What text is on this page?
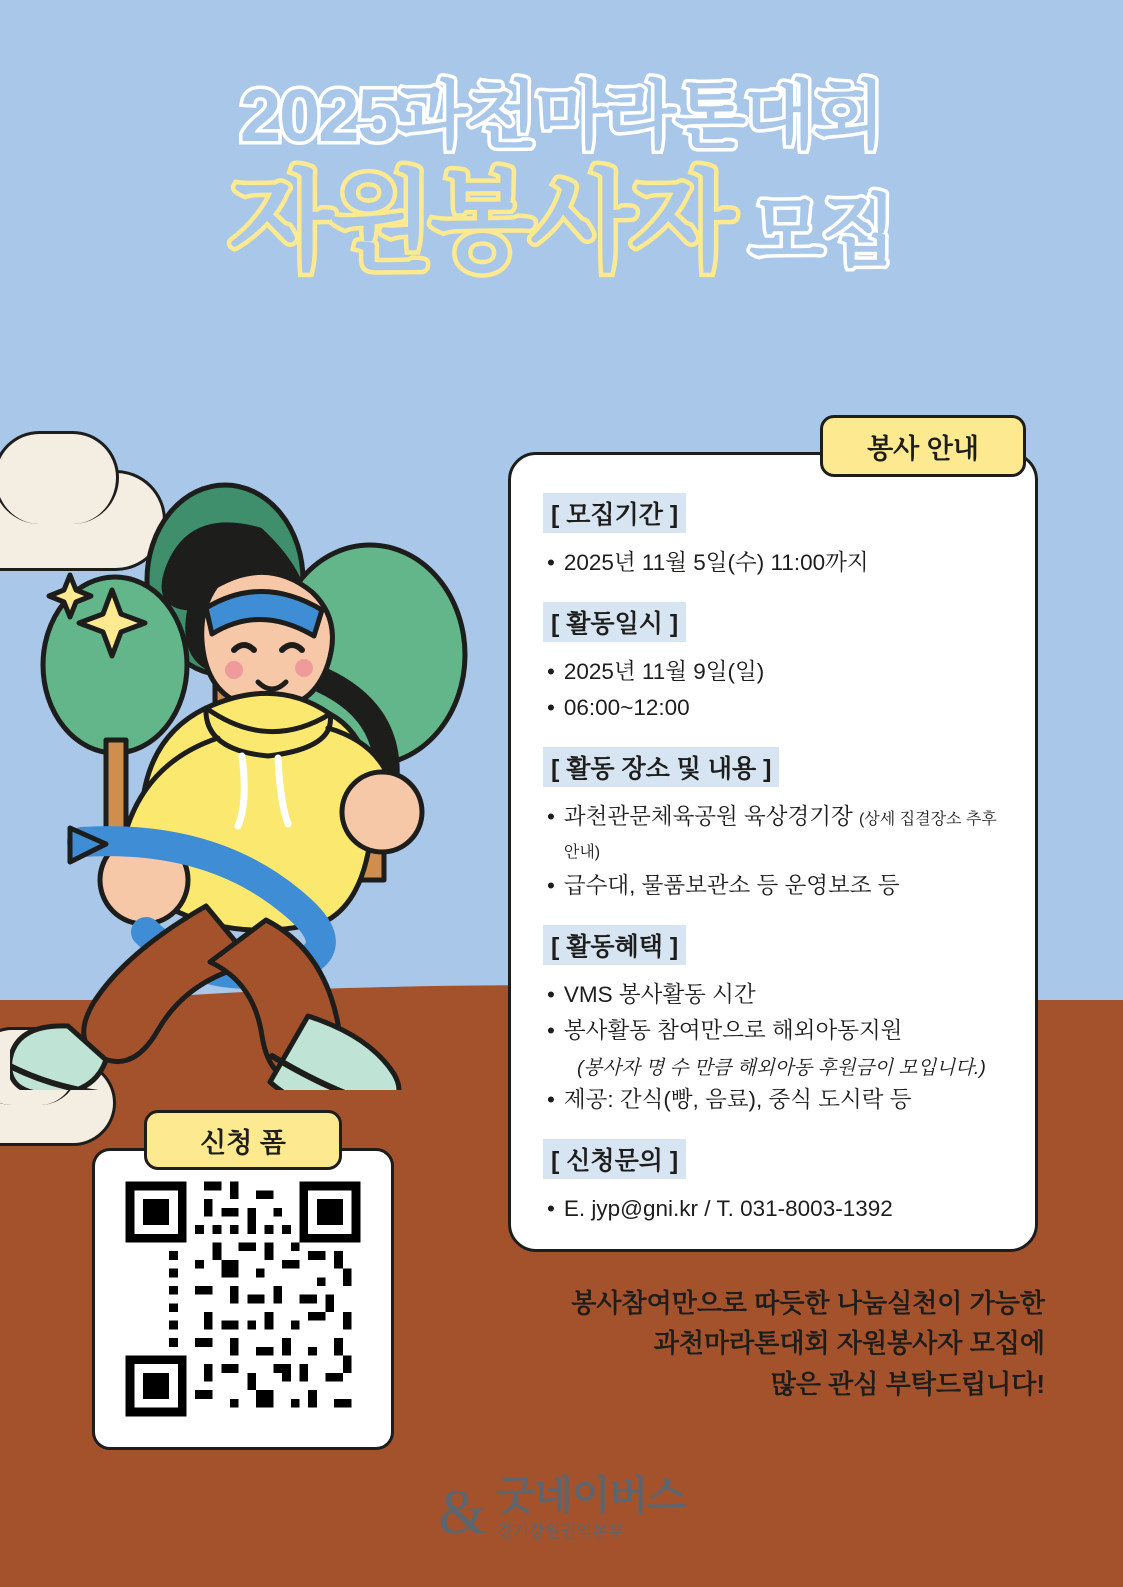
2025과천마라톤대회
자원봉사자 모집
봉사 안내
[ 모집기간 ]
• 2025년 11월 5일(수) 11:00까지
[ 활동일시 ]
• 2025년 11월 9일(일)
• 06:00~12:00
[ 활동 장소 및 내용 ]
• 과천관문체육공원 육상경기장 (상세 집결장소 추후안내)
• 급수대, 물품보관소 등 운영보조 등
[ 활동혜택 ]
• VMS 봉사활동 시간
• 봉사활동 참여만으로 해외아동지원
(봉사자 명 수 만큼 해외아동 후원금이 모입니다.)
• 제공: 간식(빵, 음료), 중식 도시락 등
[ 신청문의 ]
• E. jyp@gni.kr / T. 031-8003-1392
신청 폼
봉사참여만으로 따듯한 나눔실천이 가능한
과천마라톤대회 자원봉사자 모집에
많은 관심 부탁드립니다!
& 굿네이버스
경기강원권역본부
